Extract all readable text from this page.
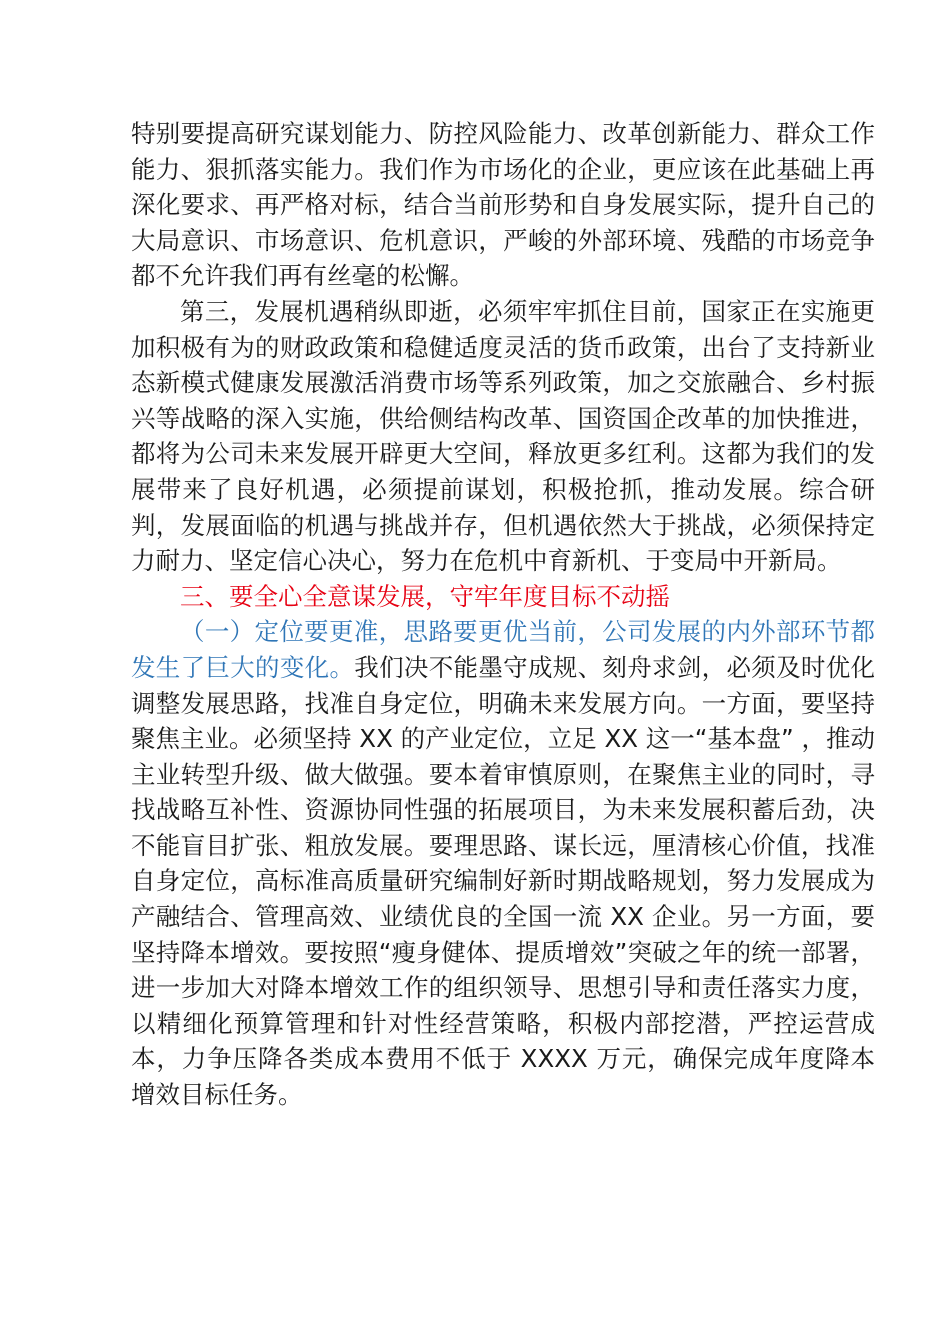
特别要提高研究谋划能力、防控风险能力、改革创新能力、群众工作能力、狠抓落实能力。我们作为市场化的企业，更应该在此基础上再深化要求、再严格对标，结合当前形势和自身发展实际，提升自己的大局意识、市场意识、危机意识，严峻的外部环境、残酷的市场竞争都不允许我们再有丝毫的松懈。

第三，发展机遇稍纵即逝，必须牢牢抓住目前，国家正在实施更加积极有为的财政政策和稳健适度灵活的货币政策，出台了支持新业态新模式健康发展激活消费市场等系列政策，加之交旅融合、乡村振兴等战略的深入实施，供给侧结构改革、国资国企改革的加快推进，都将为公司未来发展开辟更大空间，释放更多红利。这都为我们的发展带来了良好机遇，必须提前谋划，积极抢抓，推动发展。综合研判，发展面临的机遇与挑战并存，但机遇依然大于挑战，必须保持定力耐力、坚定信心决心，努力在危机中育新机、于变局中开新局。

三、要全心全意谋发展，守牢年度目标不动摇

（一）定位要更准，思路要更优当前，公司发展的内外部环节都发生了巨大的变化。我们决不能墨守成规、刻舟求剑，必须及时优化调整发展思路，找准自身定位，明确未来发展方向。一方面，要坚持聚焦主业。必须坚持 XX 的产业定位，立足 XX 这一“基本盘” ，推动主业转型升级、做大做强。要本着审慎原则，在聚焦主业的同时，寻找战略互补性、资源协同性强的拓展项目，为未来发展积蓄后劲，决不能盲目扩张、粗放发展。要理思路、谋长远，厘清核心价值，找准自身定位，高标准高质量研究编制好新时期战略规划，努力发展成为产融结合、管理高效、业绩优良的全国一流 XX 企业。另一方面，要坚持降本增效。要按照“瘦身健体、提质增效”突破之年的统一部署，进一步加大对降本增效工作的组织领导、思想引导和责任落实力度，以精细化预算管理和针对性经营策略，积极内部挖潜，严控运营成本，力争压降各类成本费用不低于 XXXX 万元，确保完成年度降本增效目标任务。
